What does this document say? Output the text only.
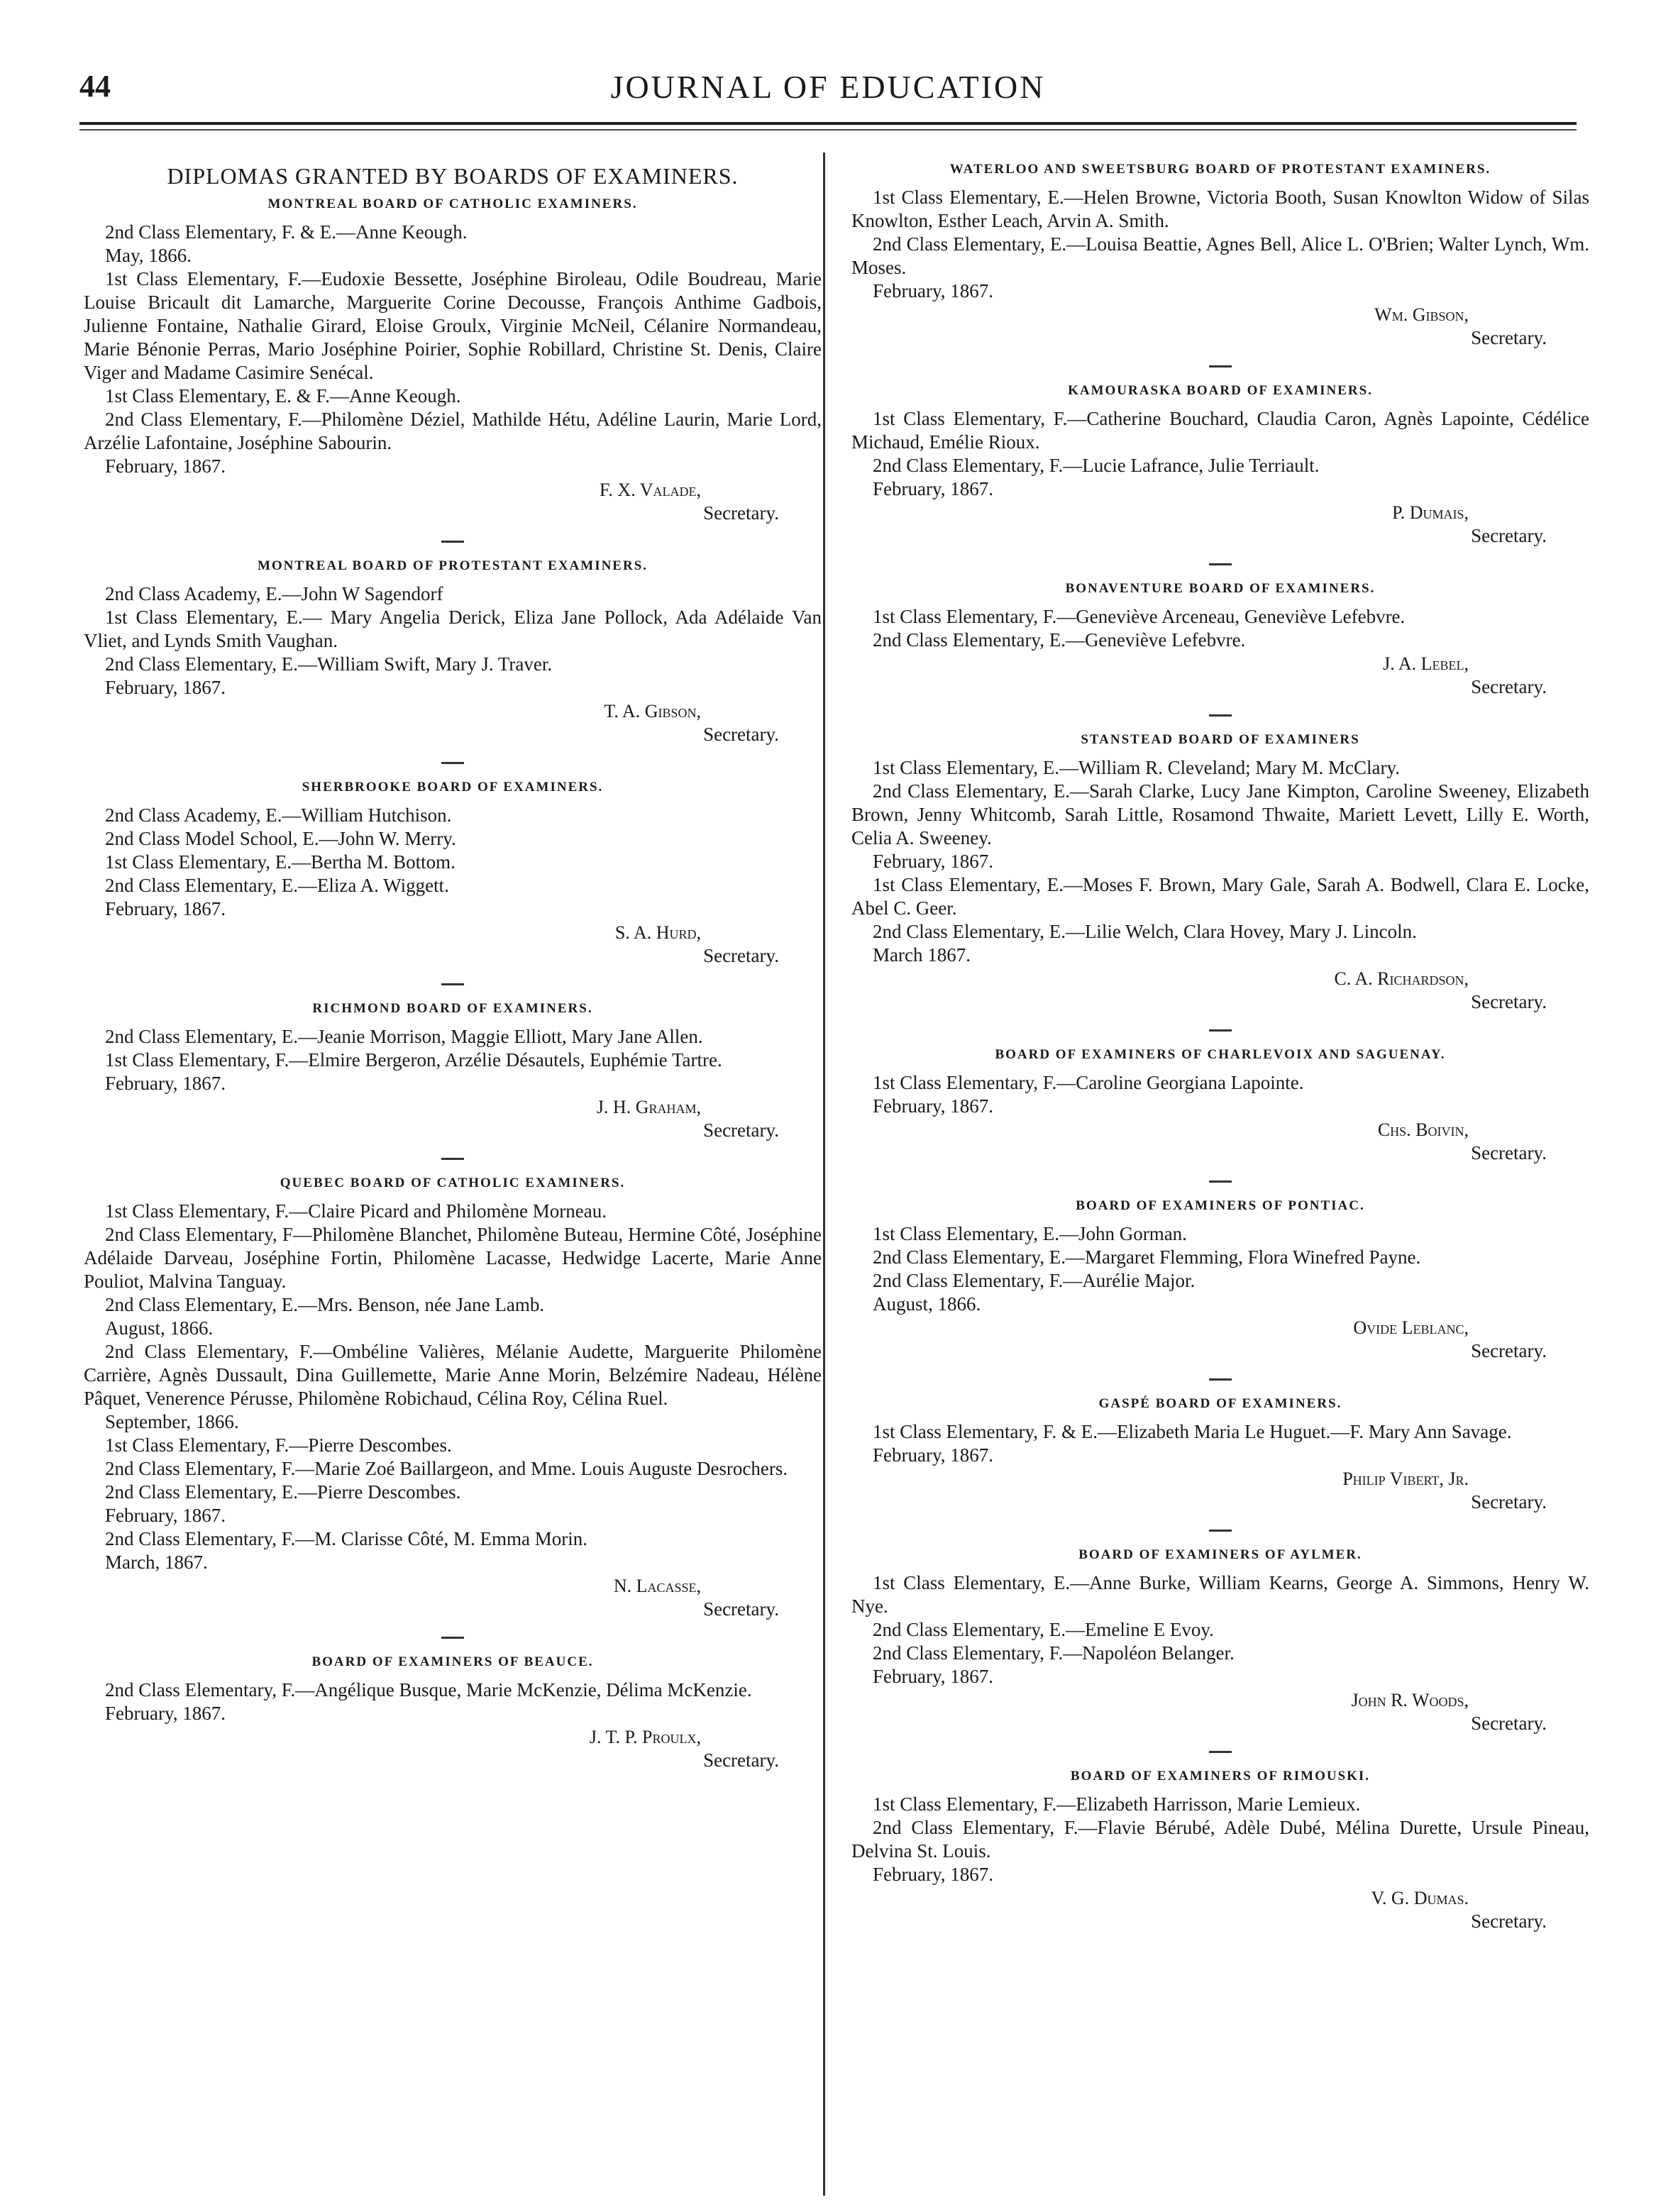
44	JOURNAL OF EDUCATION
DIPLOMAS GRANTED BY BOARDS OF EXAMINERS.
MONTREAL BOARD OF CATHOLIC EXAMINERS.

2nd Class Elementary, F. & E.—Anne Keough.

May, 1866.

1st Class Elementary, F.—Eudoxie Bessette, Joséphine Biroleau, Odile Boudreau, Marie Louise Bricault dit Lamarche, Marguerite Corine Decousse, François Anthime Gadbois, Julienne Fontaine, Nathalie Girard, Eloise Groulx, Virginie McNeil, Célanire Normandeau, Marie Bénonie Perras, Mario Joséphine Poirier, Sophie Robillard, Christine St. Denis, Claire Viger and Madame Casimire Senécal.

1st Class Elementary, E. & F.—Anne Keough.

2nd Class Elementary, F.—Philomène Déziel, Mathilde Hétu, Adéline Laurin, Marie Lord, Arzélie Lafontaine, Joséphine Sabourin.

February, 1867.

F. X. Valade,

Secretary.

MONTREAL BOARD OF PROTESTANT EXAMINERS.

2nd Class Academy, E.—John W Sagendorf

1st Class Elementary, E.— Mary Angelia Derick, Eliza Jane Pollock, Ada Adélaide Van Vliet, and Lynds Smith Vaughan.

2nd Class Elementary, E.—William Swift, Mary J. Traver.

February, 1867.

T. A. Gibson,

Secretary.

SHERBROOKE BOARD OF EXAMINERS.

2nd Class Academy, E.—William Hutchison.

2nd Class Model School, E.—John W. Merry.

1st Class Elementary, E.—Bertha M. Bottom.

2nd Class Elementary, E.—Eliza A. Wiggett.

February, 1867.

S. A. Hurd,

Secretary.

RICHMOND BOARD OF EXAMINERS.

2nd Class Elementary, E.—Jeanie Morrison, Maggie Elliott, Mary Jane Allen.

1st Class Elementary, F.—Elmire Bergeron, Arzélie Désautels, Euphémie Tartre.

February, 1867.

J. H. Graham,

Secretary.

QUEBEC BOARD OF CATHOLIC EXAMINERS.

1st Class Elementary, F.—Claire Picard and Philomène Morneau.

2nd Class Elementary, F—Philomène Blanchet, Philomène Buteau, Hermine Côté, Joséphine Adélaide Darveau, Joséphine Fortin, Philomène Lacasse, Hedwidge Lacerte, Marie Anne Pouliot, Malvina Tanguay.

2nd Class Elementary, E.—Mrs. Benson, née Jane Lamb.

August, 1866.

2nd Class Elementary, F.—Ombéline Valières, Mélanie Audette, Marguerite Philomène Carrière, Agnès Dussault, Dina Guillemette, Marie Anne Morin, Belzémire Nadeau, Hélène Pâquet, Venerence Pérusse, Philomène Robichaud, Célina Roy, Célina Ruel.

September, 1866.

1st Class Elementary, F.—Pierre Descombes.

2nd Class Elementary, F.—Marie Zoé Baillargeon, and Mme. Louis Auguste Desrochers.

2nd Class Elementary, E.—Pierre Descombes.

February, 1867.

2nd Class Elementary, F.—M. Clarisse Côté, M. Emma Morin.

March, 1867.

N. Lacasse,

Secretary.

BOARD OF EXAMINERS OF BEAUCE.

2nd Class Elementary, F.—Angélique Busque, Marie McKenzie, Délima McKenzie.

February, 1867.

J. T. P. Proulx,

Secretary.

WATERLOO AND SWEETSBURG BOARD OF PROTESTANT EXAMINERS.

1st Class Elementary, E.—Helen Browne, Victoria Booth, Susan Knowlton Widow of Silas Knowlton, Esther Leach, Arvin A. Smith.

2nd Class Elementary, E.—Louisa Beattie, Agnes Bell, Alice L. O'Brien; Walter Lynch, Wm. Moses.

February, 1867.

Wm. Gibson,

Secretary.

KAMOURASKA BOARD OF EXAMINERS.

1st Class Elementary, F.—Catherine Bouchard, Claudia Caron, Agnès Lapointe, Cédélice Michaud, Emélie Rioux.

2nd Class Elementary, F.—Lucie Lafrance, Julie Terriault.

February, 1867.

P. Dumais,

Secretary.

BONAVENTURE BOARD OF EXAMINERS.

1st Class Elementary, F.—Geneviève Arceneau, Geneviève Lefebvre.

2nd Class Elementary, E.—Geneviève Lefebvre.

J. A. Lebel,

Secretary.

STANSTEAD BOARD OF EXAMINERS

1st Class Elementary, E.—William R. Cleveland; Mary M. McClary.

2nd Class Elementary, E.—Sarah Clarke, Lucy Jane Kimpton, Caroline Sweeney, Elizabeth Brown, Jenny Whitcomb, Sarah Little, Rosamond Thwaite, Mariett Levett, Lilly E. Worth, Celia A. Sweeney.

February, 1867.

1st Class Elementary, E.—Moses F. Brown, Mary Gale, Sarah A. Bodwell, Clara E. Locke, Abel C. Geer.

2nd Class Elementary, E.—Lilie Welch, Clara Hovey, Mary J. Lincoln.

March 1867.

C. A. Richardson,

Secretary.

BOARD OF EXAMINERS OF CHARLEVOIX AND SAGUENAY.

1st Class Elementary, F.—Caroline Georgiana Lapointe.

February, 1867.

Chs. Boivin,

Secretary.

BOARD OF EXAMINERS OF PONTIAC.

1st Class Elementary, E.—John Gorman.

2nd Class Elementary, E.—Margaret Flemming, Flora Winefred Payne.

2nd Class Elementary, F.—Aurélie Major.

August, 1866.

Ovide Leblanc,

Secretary.

GASPÉ BOARD OF EXAMINERS.

1st Class Elementary, F. & E.—Elizabeth Maria Le Huguet.—F. Mary Ann Savage.

February, 1867.

Philip Vibert, Jr.

Secretary.

BOARD OF EXAMINERS OF AYLMER.

1st Class Elementary, E.—Anne Burke, William Kearns, George A. Simmons, Henry W. Nye.

2nd Class Elementary, E.—Emeline E Evoy.

2nd Class Elementary, F.—Napoléon Belanger.

February, 1867.

John R. Woods,

Secretary.

BOARD OF EXAMINERS OF RIMOUSKI.

1st Class Elementary, F.—Elizabeth Harrisson, Marie Lemieux.

2nd Class Elementary, F.—Flavie Bérubé, Adèle Dubé, Mélina Durette, Ursule Pineau, Delvina St. Louis.

February, 1867.

V. G. Dumas.

Secretary.
